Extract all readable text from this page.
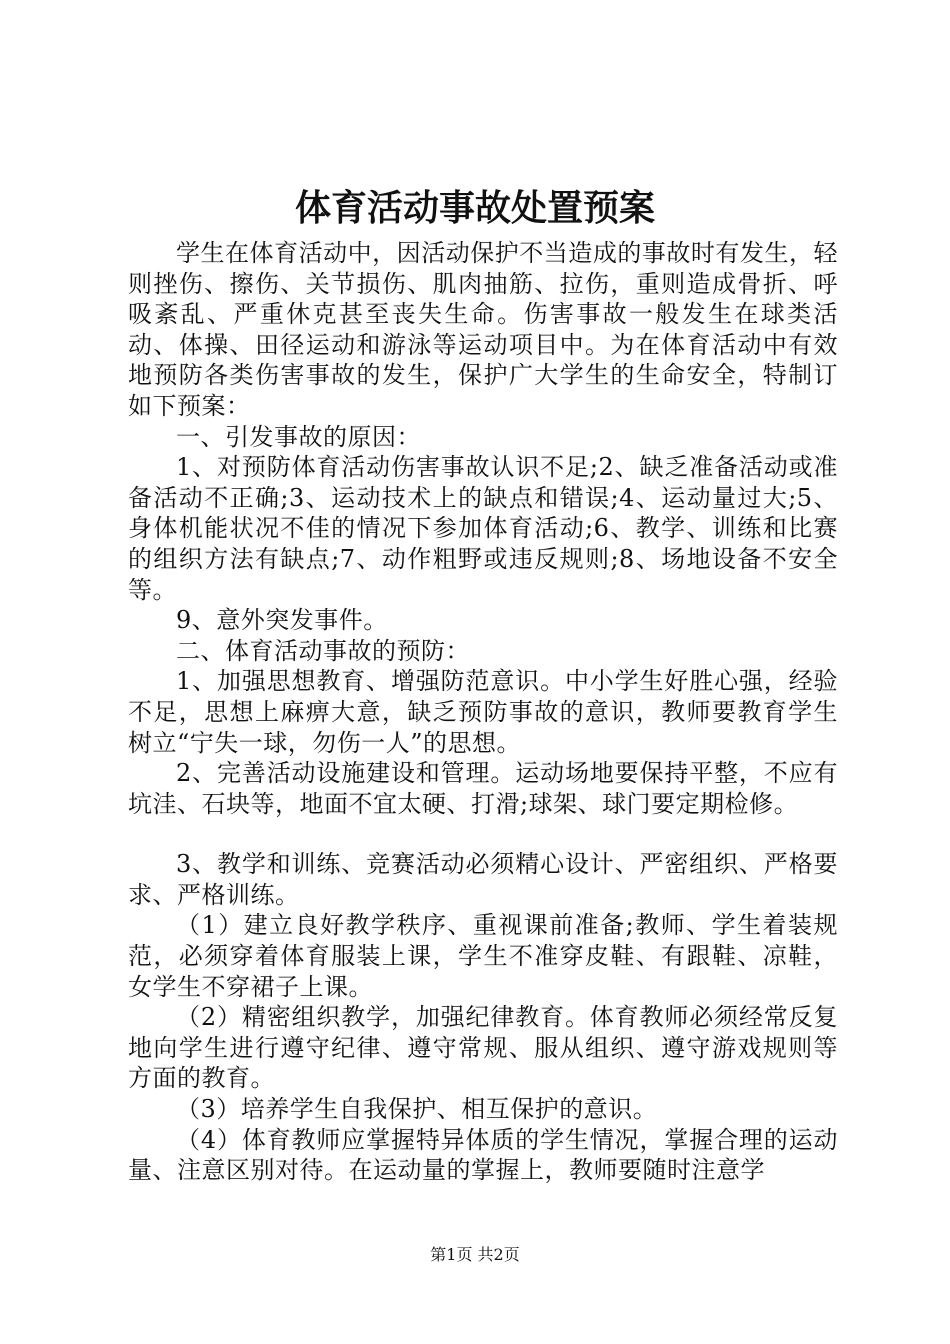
体育活动事故处置预案

学生在体育活动中，因活动保护不当造成的事故时有发生，轻则挫伤、擦伤、关节损伤、肌肉抽筋、拉伤，重则造成骨折、呼吸紊乱、严重休克甚至丧失生命。伤害事故一般发生在球类活动、体操、田径运动和游泳等运动项目中。为在体育活动中有效地预防各类伤害事故的发生，保护广大学生的生命安全，特制订如下预案：

一、引发事故的原因：

1、对预防体育活动伤害事故认识不足;2、缺乏准备活动或准备活动不正确;3、运动技术上的缺点和错误;4、运动量过大;5、身体机能状况不佳的情况下参加体育活动;6、教学、训练和比赛的组织方法有缺点;7、动作粗野或违反规则;8、场地设备不安全等。

9、意外突发事件。

二、体育活动事故的预防：

1、加强思想教育、增强防范意识。中小学生好胜心强，经验不足，思想上麻痹大意，缺乏预防事故的意识，教师要教育学生树立“宁失一球，勿伤一人”的思想。

2、完善活动设施建设和管理。运动场地要保持平整，不应有坑洼、石块等，地面不宜太硬、打滑;球架、球门要定期检修。

3、教学和训练、竞赛活动必须精心设计、严密组织、严格要求、严格训练。

（1）建立良好教学秩序、重视课前准备;教师、学生着装规范，必须穿着体育服装上课，学生不准穿皮鞋、有跟鞋、凉鞋，女学生不穿裙子上课。

（2）精密组织教学，加强纪律教育。体育教师必须经常反复地向学生进行遵守纪律、遵守常规、服从组织、遵守游戏规则等方面的教育。

（3）培养学生自我保护、相互保护的意识。

（4）体育教师应掌握特异体质的学生情况，掌握合理的运动量、注意区别对待。在运动量的掌握上，教师要随时注意学

第1页 共2页
